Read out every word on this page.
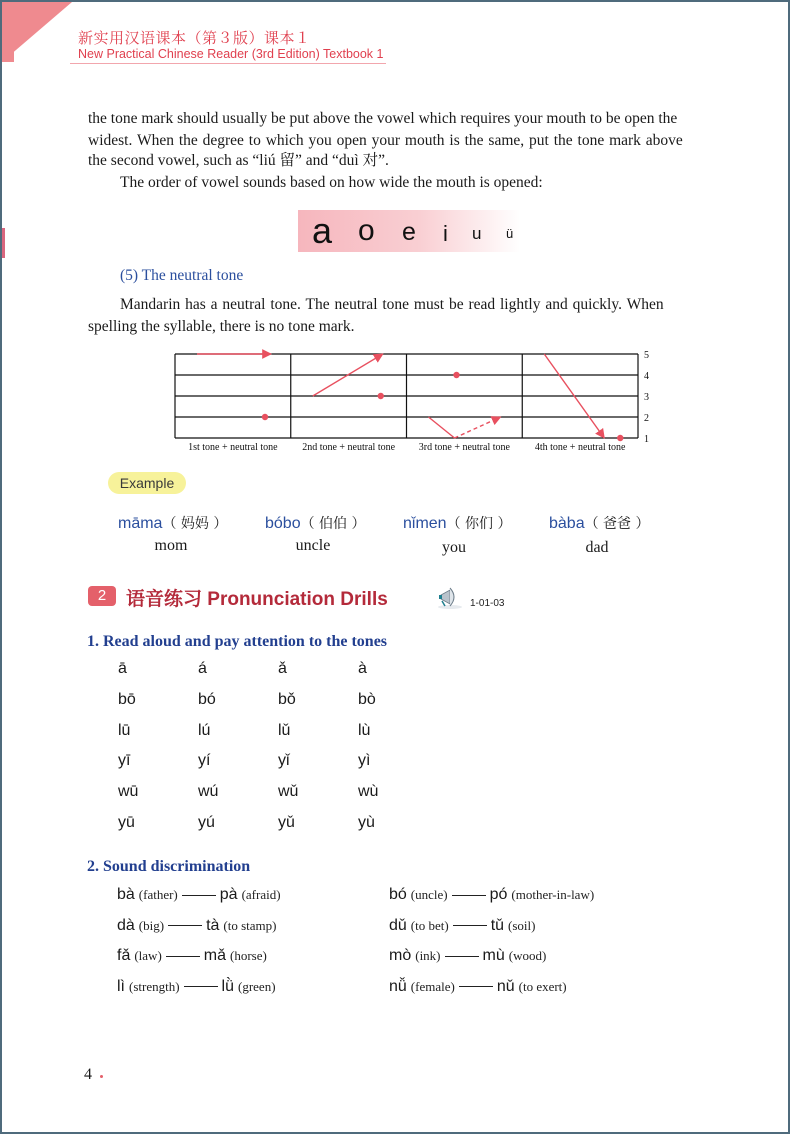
新实用汉语课本（第３版）课本１
New Practical Chinese Reader (3rd Edition) Textbook 1
the tone mark should usually be put above the vowel which requires your mouth to be open the
widest. When the degree to which you open your mouth is the same, put the tone mark above
the second vowel, such as “liú 留” and “duì 对”.
The order of vowel sounds based on how wide the mouth is opened:
a o e i u ü
(5) The neutral tone
Mandarin has a neutral tone. The neutral tone must be read lightly and quickly. When
spelling the syllable, there is no tone mark.
5
4
3
2
1
1st tone + neutral tone 2nd tone + neutral tone 3rd tone + neutral tone 4th tone + neutral tone
Example
māma（ 妈妈 ）
mom
bóbo（ 伯伯 ）
uncle
nǐmen（ 你们 ）
you
bàba（ 爸爸 ）
dad
2	语音练习 Pronunciation Drills	1-01-03
1. Read aloud and pay attention to the tones
ā	á	ǎ	à
bō	bó	bǒ	bò
lū	lú	lǔ	lù
yī	yí	yǐ	yì
wū	wú	wǔ	wù
yū	yú	yǔ	yù
2. Sound discrimination
bà (father)	pà (afraid)
dà (big)	tà (to stamp)
fǎ (law)	mǎ (horse)
lì (strength)	lǜ (green)
bó (uncle)	pó (mother-in-law)
dǔ (to bet)	tǔ (soil)
mò (ink)	mù (wood)
nǚ (female)	nǔ (to exert)
4
